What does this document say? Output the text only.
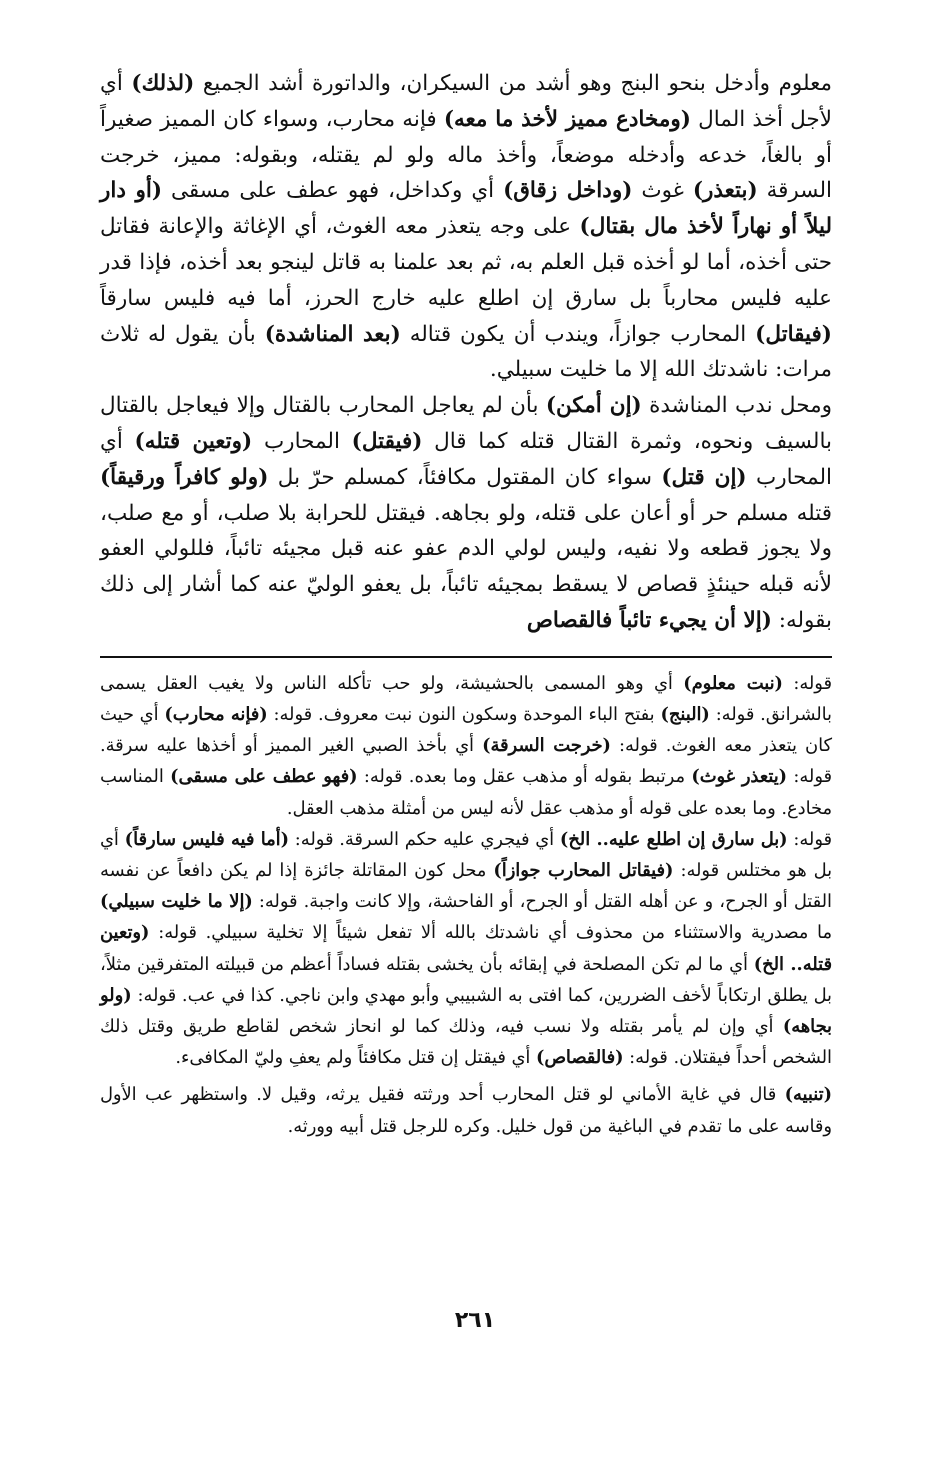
معلوم وأدخل بنحو البنج وهو أشد من السيكران، والداتورة أشد الجميع (لذلك) أي لأجل أخذ المال (ومخادع مميز لأخذ ما معه) فإنه محارب، وسواء كان المميز صغيراً أو بالغاً، خدعه وأدخله موضعاً، وأخذ ماله ولو لم يقتله، وبقوله: مميز، خرجت السرقة (بتعذر) غوث (وداخل زقاق) أي وكداخل، فهو عطف على مسقى (أو دار ليلاً أو نهاراً لأخذ مال بقتال) على وجه يتعذر معه الغوث، أي الإغاثة والإعانة فقاتل حتى أخذه، أما لو أخذه قبل العلم به، ثم بعد علمنا به قاتل لينجو بعد أخذه، فإذا قدر عليه فليس محارباً بل سارق إن اطلع عليه خارج الحرز، أما فيه فليس سارقاً (فيقاتل) المحارب جوازاً، ويندب أن يكون قتاله (بعد المناشدة) بأن يقول له ثلاث مرات: ناشدتك الله إلا ما خليت سبيلي.

ومحل ندب المناشدة (إن أمكن) بأن لم يعاجل المحارب بالقتال وإلا فيعاجل بالقتال بالسيف ونحوه، وثمرة القتال قتله كما قال (فيقتل) المحارب (وتعين قتله) أي المحارب (إن قتل) سواء كان المقتول مكافئاً، كمسلم حرّ بل (ولو كافراً ورقيقاً) قتله مسلم حر أو أعان على قتله، ولو بجاهه. فيقتل للحرابة بلا صلب، أو مع صلب، ولا يجوز قطعه ولا نفيه، وليس لولي الدم عفو عنه قبل مجيئه تائباً، فللولي العفو لأنه قبله حينئذٍ قصاص لا يسقط بمجيئه تائباً، بل يعفو الوليّ عنه كما أشار إلى ذلك بقوله: (إلا أن يجيء تائباً فالقصاص

قوله: (نبت معلوم) أي وهو المسمى بالحشيشة، ولو حب تأكله الناس ولا يغيب العقل يسمى بالشرانق. قوله: (البنج) بفتح الباء الموحدة وسكون النون نبت معروف. قوله: (فإنه محارب) أي حيث كان يتعذر معه الغوث. قوله: (خرجت السرقة) أي بأخذ الصبي الغير المميز أو أخذها عليه سرقة. قوله: (يتعذر غوث) مرتبط بقوله أو مذهب عقل وما بعده. قوله: (فهو عطف على مسقى) المناسب مخادع. وما بعده على قوله أو مذهب عقل لأنه ليس من أمثلة مذهب العقل.

قوله: (بل سارق إن اطلع عليه.. الخ) أي فيجري عليه حكم السرقة. قوله: (أما فيه فليس سارقاً) أي بل هو مختلس قوله: (فيقاتل المحارب جوازاً) محل كون المقاتلة جائزة إذا لم يكن دافعاً عن نفسه القتل أو الجرح، و عن أهله القتل أو الجرح، أو الفاحشة، وإلا كانت واجبة. قوله: (إلا ما خليت سبيلي) ما مصدرية والاستثناء من محذوف أي ناشدتك بالله ألا تفعل شيئاً إلا تخلية سبيلي. قوله: (وتعين قتله.. الخ) أي ما لم تكن المصلحة في إبقائه بأن يخشى بقتله فساداً أعظم من قبيلته المتفرقين مثلاً، بل يطلق ارتكاباً لأخف الضررين، كما افتى به الشبيبي وأبو مهدي وابن ناجي. كذا في عب. قوله: (ولو بجاهه) أي وإن لم يأمر بقتله ولا نسب فيه، وذلك كما لو انحاز شخص لقاطع طريق وقتل ذلك الشخص أحداً فيقتلان. قوله: (فالقصاص) أي فيقتل إن قتل مكافئاً ولم يعفِ وليّ المكافىء.

(تنبيه) قال في غاية الأماني لو قتل المحارب أحد ورثته فقيل يرثه، وقيل لا. واستظهر عب الأول وقاسه على ما تقدم في الباغية من قول خليل. وكره للرجل قتل أبيه وورثه.

٢٦١
